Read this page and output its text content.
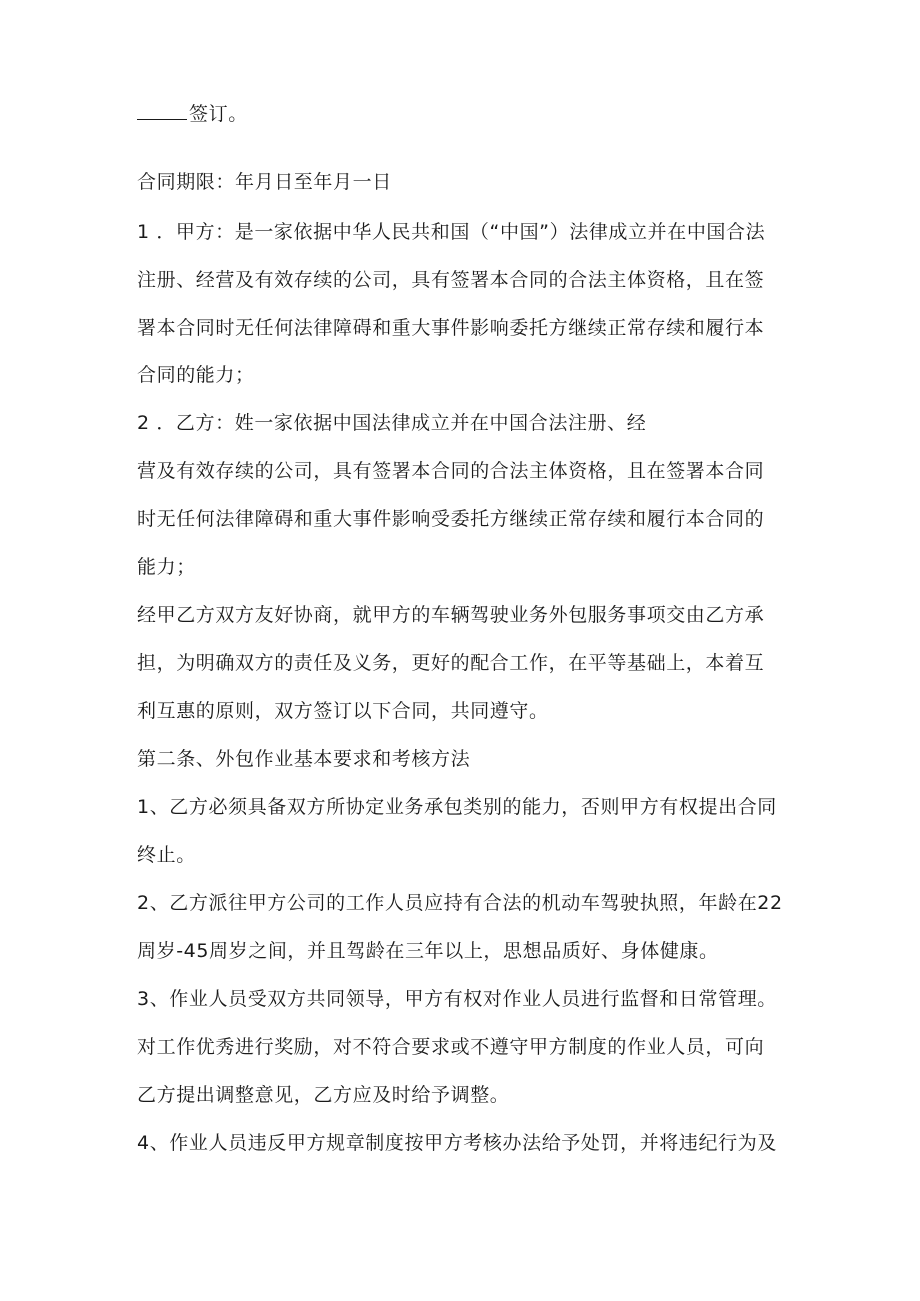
签订。
合同期限：年月日至年月一日
1 ．甲方：是一家依据中华人民共和国（“中国”）法律成立并在中国合法
注册、经营及有效存续的公司，具有签署本合同的合法主体资格，且在签
署本合同时无任何法律障碍和重大事件影响委托方继续正常存续和履行本
合同的能力；
2 ．乙方：姓一家依据中国法律成立并在中国合法注册、经
营及有效存续的公司，具有签署本合同的合法主体资格，且在签署本合同
时无任何法律障碍和重大事件影响受委托方继续正常存续和履行本合同的
能力；
经甲乙方双方友好协商，就甲方的车辆驾驶业务外包服务事项交由乙方承
担，为明确双方的责任及义务，更好的配合工作，在平等基础上，本着互
利互惠的原则，双方签订以下合同，共同遵守。
第二条、外包作业基本要求和考核方法
1、乙方必须具备双方所协定业务承包类别的能力，否则甲方有权提出合同
终止。
2、乙方派往甲方公司的工作人员应持有合法的机动车驾驶执照，年龄在22
周岁-45周岁之间，并且驾龄在三年以上，思想品质好、身体健康。
3、作业人员受双方共同领导，甲方有权对作业人员进行监督和日常管理。
对工作优秀进行奖励，对不符合要求或不遵守甲方制度的作业人员，可向
乙方提出调整意见，乙方应及时给予调整。
4、作业人员违反甲方规章制度按甲方考核办法给予处罚，并将违纪行为及
